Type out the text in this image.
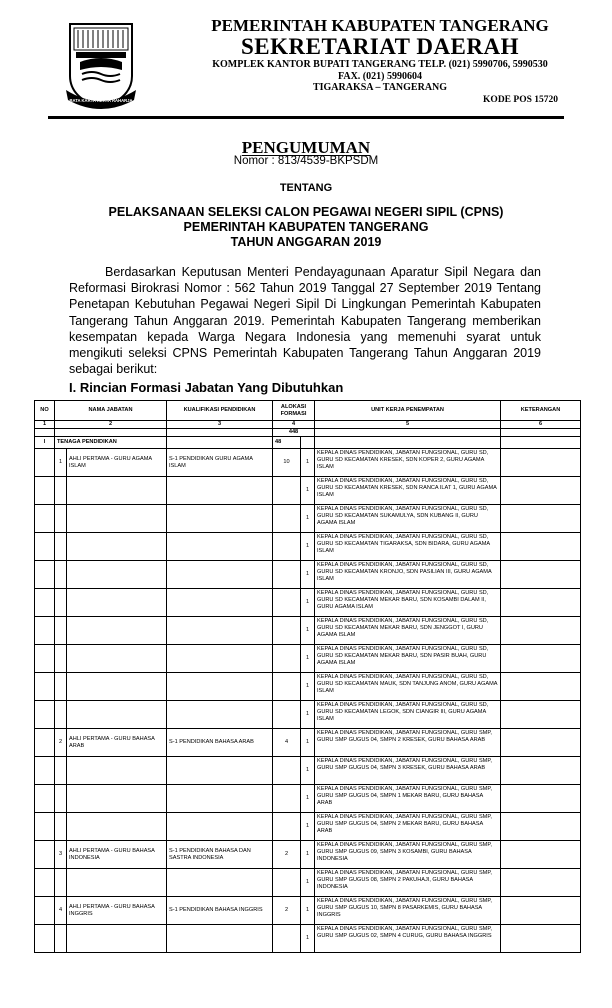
BATA KARTA KERTA RAHARJA
PEMERINTAH KABUPATEN TANGERANG
SEKRETARIAT DAERAH
KOMPLEK KANTOR BUPATI TANGERANG TELP. (021) 5990706, 5990530
FAX. (021) 5990604
TIGARAKSA – TANGERANG
KODE POS 15720
PENGUMUMAN
Nomor : 813/4539-BKPSDM
TENTANG
PELAKSANAAN SELEKSI CALON PEGAWAI NEGERI SIPIL (CPNS)
PEMERINTAH KABUPATEN TANGERANG
TAHUN ANGGARAN 2019
Berdasarkan Keputusan Menteri Pendayagunaan Aparatur Sipil Negara dan Reformasi Birokrasi Nomor : 562 Tahun 2019 Tanggal 27 September 2019 Tentang Penetapan Kebutuhan Pegawai Negeri Sipil Di Lingkungan Pemerintah Kabupaten Tangerang Tahun Anggaran 2019. Pemerintah Kabupaten Tangerang memberikan kesempatan kepada Warga Negara Indonesia yang memenuhi syarat untuk mengikuti seleksi CPNS Pemerintah Kabupaten Tangerang Tahun Anggaran 2019 sebagai berikut:
I. Rincian Formasi Jabatan Yang Dibutuhkan
NO	NAMA JABATAN		KUALIFIKASI PENDIDIKAN	ALOKASI FORMASI		UNIT KERJA PENEMPATAN	KETERANGAN
1	2		3	4		5	6
				448			
I	TENAGA PENDIDIKAN			48			
	1	AHLI PERTAMA - GURU AGAMA ISLAM	S-1 PENDIDIKAN GURU AGAMA ISLAM	10	1	KEPALA DINAS PENDIDIKAN, JABATAN FUNGSIONAL, GURU SD, GURU SD KECAMATAN KRESEK, SDN KOPER 2, GURU AGAMA ISLAM	
					1	KEPALA DINAS PENDIDIKAN, JABATAN FUNGSIONAL, GURU SD, GURU SD KECAMATAN KRESEK, SDN RANCA ILAT 1, GURU AGAMA ISLAM	
					1	KEPALA DINAS PENDIDIKAN, JABATAN FUNGSIONAL, GURU SD, GURU SD KECAMATAN SUKAMULYA, SDN KUBANG II, GURU AGAMA ISLAM	
					1	KEPALA DINAS PENDIDIKAN, JABATAN FUNGSIONAL, GURU SD, GURU SD KECAMATAN TIGARAKSA, SDN BIDARA, GURU AGAMA ISLAM	
					1	KEPALA DINAS PENDIDIKAN, JABATAN FUNGSIONAL, GURU SD, GURU SD KECAMATAN KRONJO, SDN PASILIAN III, GURU AGAMA ISLAM	
					1	KEPALA DINAS PENDIDIKAN, JABATAN FUNGSIONAL, GURU SD, GURU SD KECAMATAN MEKAR BARU, SDN KOSAMBI DALAM II, GURU AGAMA ISLAM	
					1	KEPALA DINAS PENDIDIKAN, JABATAN FUNGSIONAL, GURU SD, GURU SD KECAMATAN MEKAR BARU, SDN JENGGOT I, GURU AGAMA ISLAM	
					1	KEPALA DINAS PENDIDIKAN, JABATAN FUNGSIONAL, GURU SD, GURU SD KECAMATAN MEKAR BARU, SDN PASIR BUAH, GURU AGAMA ISLAM	
					1	KEPALA DINAS PENDIDIKAN, JABATAN FUNGSIONAL, GURU SD, GURU SD KECAMATAN MAUK, SDN TANJUNG ANOM, GURU AGAMA ISLAM	
					1	KEPALA DINAS PENDIDIKAN, JABATAN FUNGSIONAL, GURU SD, GURU SD KECAMATAN LEGOK, SDN CIANGIR III, GURU AGAMA ISLAM	
	2	AHLI PERTAMA - GURU BAHASA ARAB	S-1 PENDIDIKAN BAHASA ARAB	4	1	KEPALA DINAS PENDIDIKAN, JABATAN FUNGSIONAL, GURU SMP, GURU SMP GUGUS 04, SMPN 2 KRESEK, GURU BAHASA ARAB	
					1	KEPALA DINAS PENDIDIKAN, JABATAN FUNGSIONAL, GURU SMP, GURU SMP GUGUS 04, SMPN 3 KRESEK, GURU BAHASA ARAB	
					1	KEPALA DINAS PENDIDIKAN, JABATAN FUNGSIONAL, GURU SMP, GURU SMP GUGUS 04, SMPN 1 MEKAR BARU, GURU BAHASA ARAB	
					1	KEPALA DINAS PENDIDIKAN, JABATAN FUNGSIONAL, GURU SMP, GURU SMP GUGUS 04, SMPN 2 MEKAR BARU, GURU BAHASA ARAB	
	3	AHLI PERTAMA - GURU BAHASA INDONESIA	S-1 PENDIDIKAN BAHASA DAN SASTRA INDONESIA	2	1	KEPALA DINAS PENDIDIKAN, JABATAN FUNGSIONAL, GURU SMP, GURU SMP GUGUS 09, SMPN 3 KOSAMBI, GURU BAHASA INDONESIA	
					1	KEPALA DINAS PENDIDIKAN, JABATAN FUNGSIONAL, GURU SMP, GURU SMP GUGUS 08, SMPN 2 PAKUHAJI, GURU BAHASA INDONESIA	
	4	AHLI PERTAMA - GURU BAHASA INGGRIS	S-1 PENDIDIKAN BAHASA INGGRIS	2	1	KEPALA DINAS PENDIDIKAN, JABATAN FUNGSIONAL, GURU SMP, GURU SMP GUGUS 10, SMPN 8 PASARKEMIS, GURU BAHASA INGGRIS	
					1	KEPALA DINAS PENDIDIKAN, JABATAN FUNGSIONAL, GURU SMP, GURU SMP GUGUS 02, SMPN 4 CURUG, GURU BAHASA INGGRIS	
